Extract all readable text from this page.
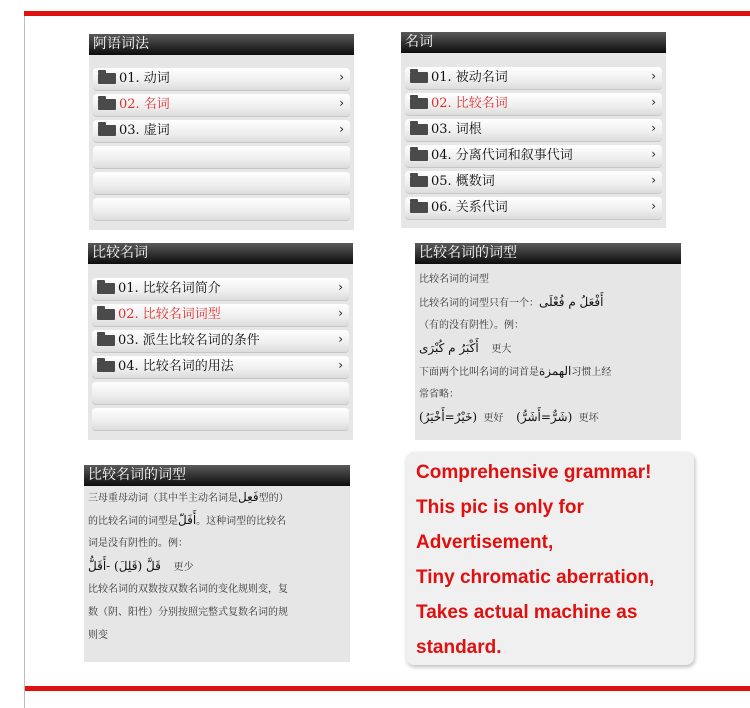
阿语词法
01. 动词	›
02. 名词	›
03. 虚词	›
名词
01. 被动名词	›
02. 比较名词	›
03. 词根	›
04. 分离代词和叙事代词	›
05. 概数词	›
06. 关系代词	›
比较名词
01. 比较名词简介	›
02. 比较名词词型	›
03. 派生比较名词的条件	›
04. 比较名词的用法	›
比较名词的词型
比较名词的词型
比较名词的词型只有一个：أَفْعَلُ م فُعْلَى
（有的没有阴性）。例：
أَكْبَرُ م كُبْرَى 更大
下面两个比叫名词的词首是الهمزة习惯上经
常省略：
(خَيْرٌ=أَخْيَرُ) 更好 (شَرٌّ=أَشَرُّ) 更坏
比较名词的词型
三母重母动词（其中半主动名词是فَعِل型的）
的比较名词的词型是أَفَلّ。这种词型的比较名
词是没有阴性的。例：
قَلَّ (قَلِلَ) -أَقَلُّ 更少
比较名词的双数按双数名词的变化规则变，复
数（阴、阳性）分别按照完整式复数名词的规
则变
Comprehensive grammar!
This pic is only for
Advertisement,
Tiny chromatic aberration,
Takes actual machine as
standard.
